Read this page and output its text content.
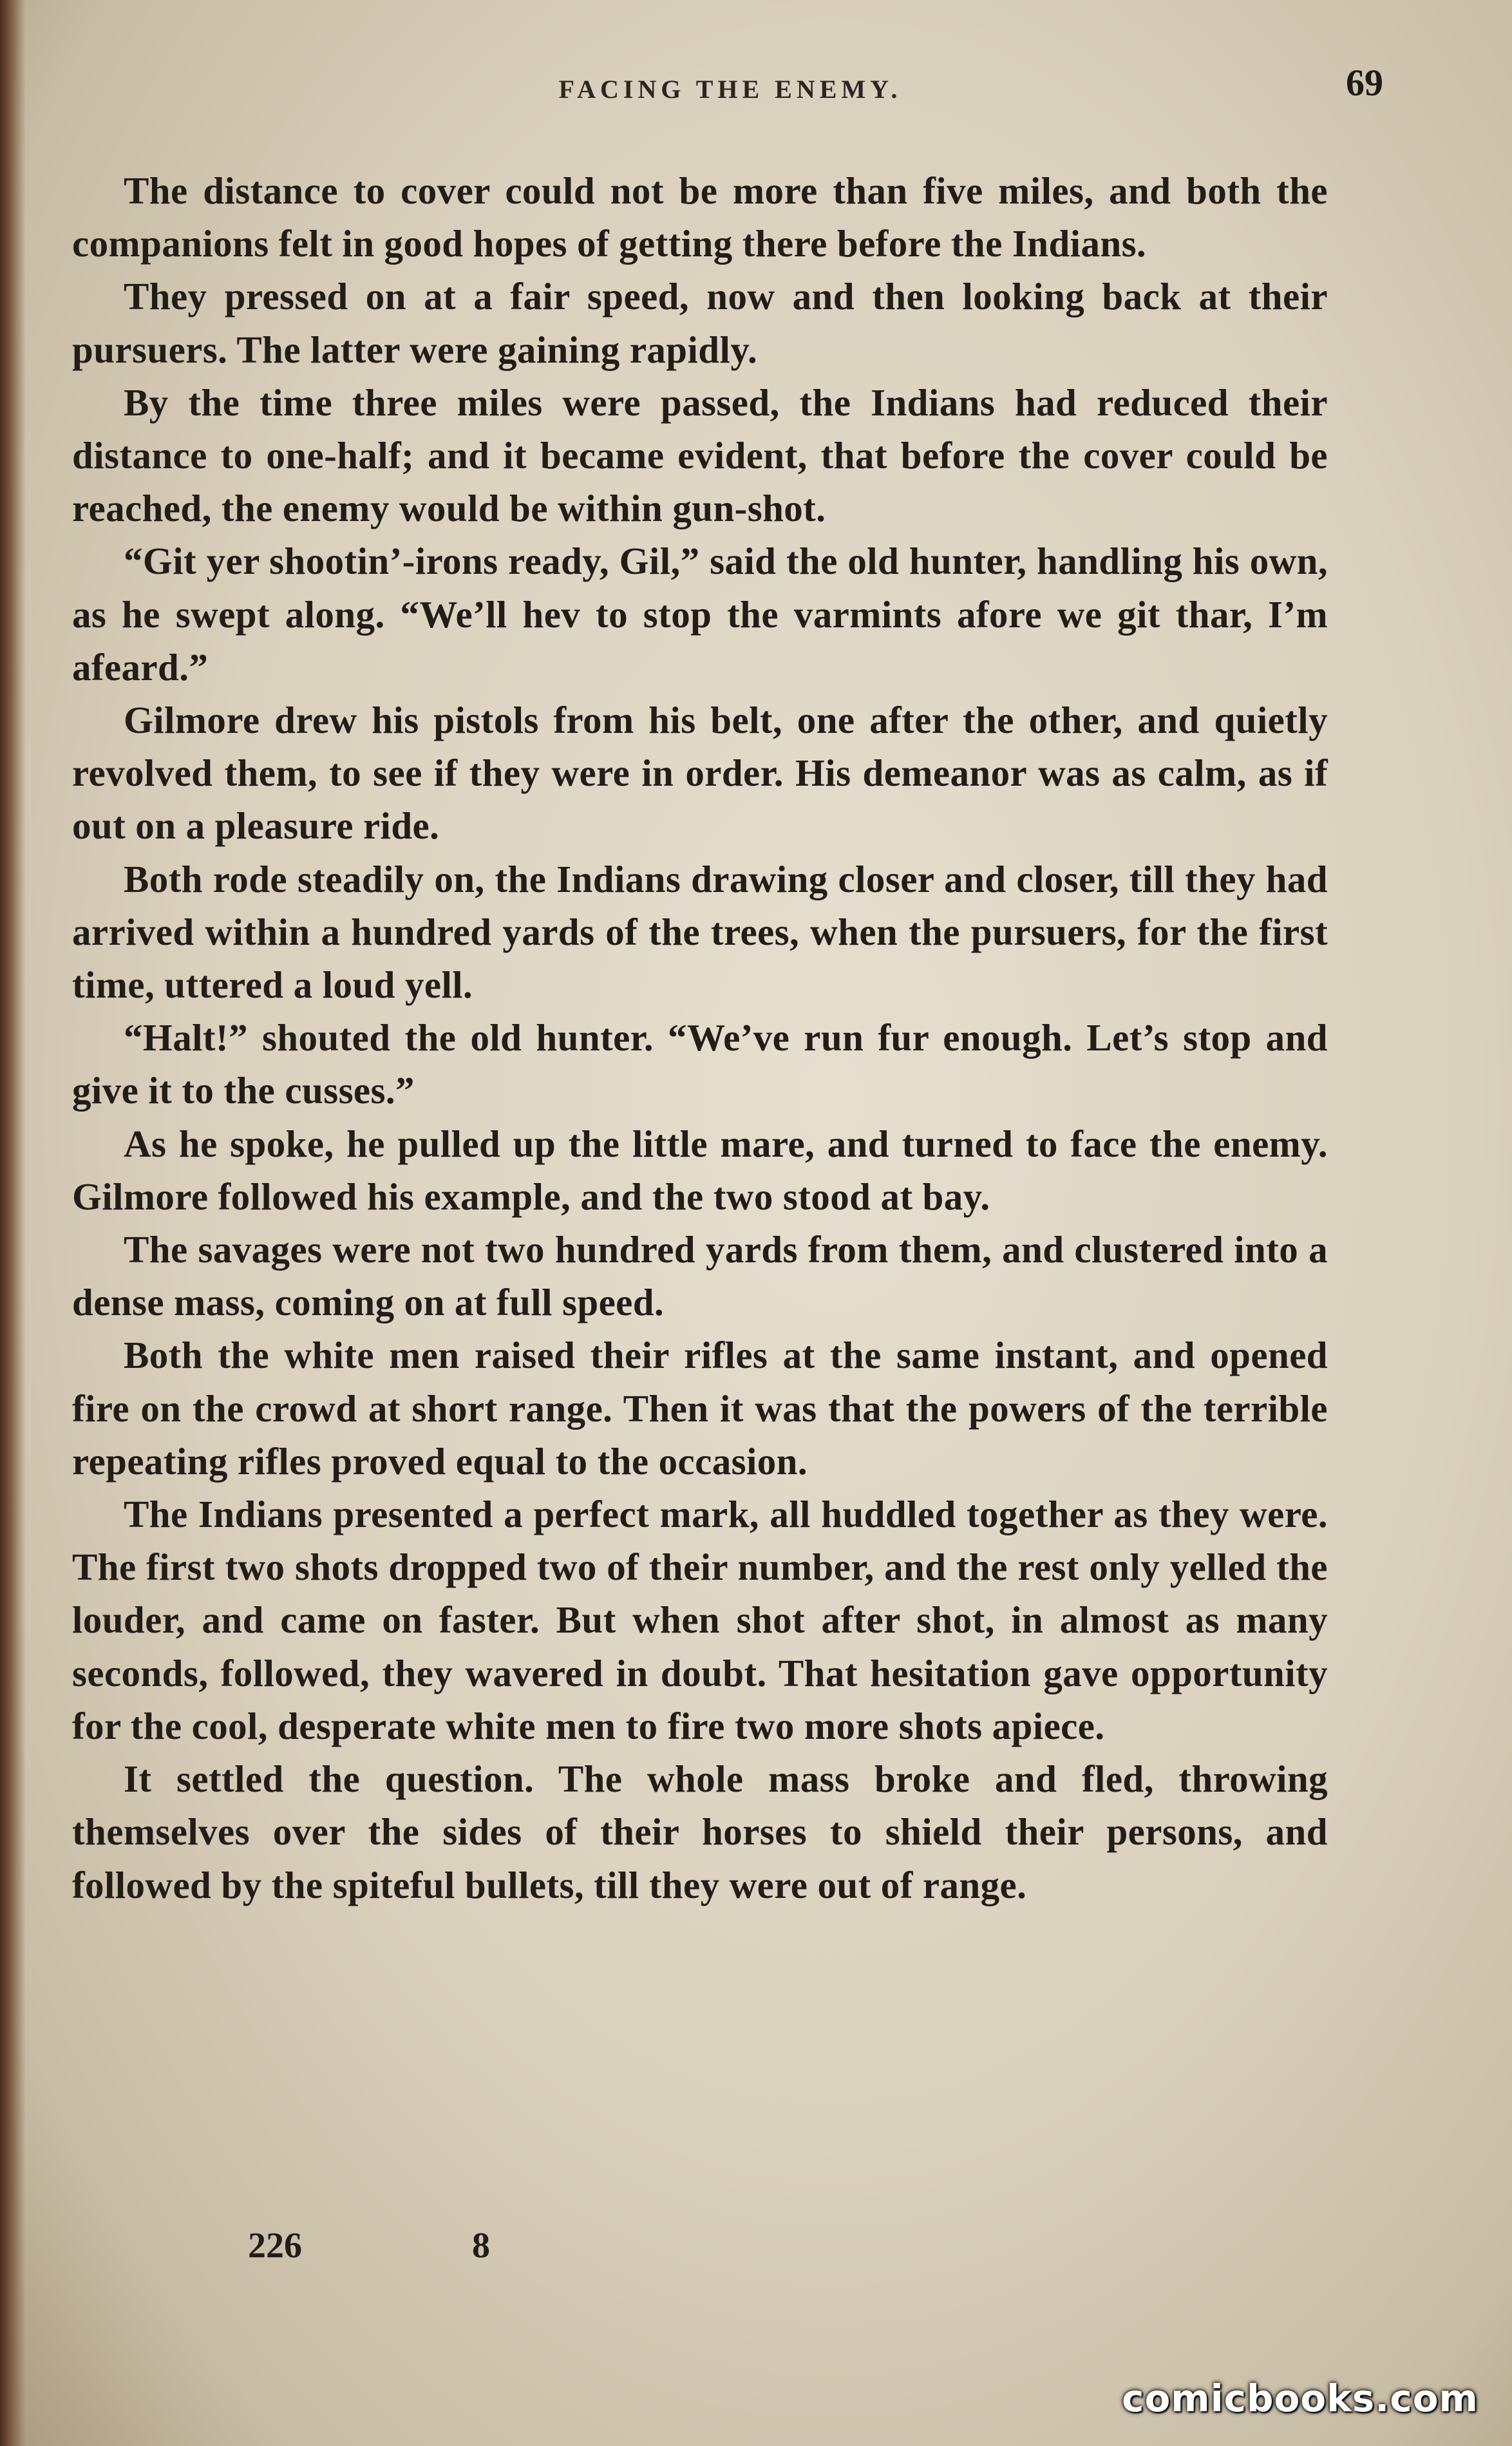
FACING THE ENEMY.	69

The distance to cover could not be more than five miles, and both the companions felt in good hopes of getting there before the Indians.

They pressed on at a fair speed, now and then looking back at their pursuers. The latter were gaining rapidly.

By the time three miles were passed, the Indians had reduced their distance to one-half; and it became evident, that before the cover could be reached, the enemy would be within gun-shot.

“Git yer shootin’-irons ready, Gil,” said the old hunter, handling his own, as he swept along. “We’ll hev to stop the varmints afore we git thar, I’m afeard.”

Gilmore drew his pistols from his belt, one after the other, and quietly revolved them, to see if they were in order. His demeanor was as calm, as if out on a pleasure ride.

Both rode steadily on, the Indians drawing closer and closer, till they had arrived within a hundred yards of the trees, when the pursuers, for the first time, uttered a loud yell.

“Halt!” shouted the old hunter. “We’ve run fur enough. Let’s stop and give it to the cusses.”

As he spoke, he pulled up the little mare, and turned to face the enemy. Gilmore followed his example, and the two stood at bay.

The savages were not two hundred yards from them, and clustered into a dense mass, coming on at full speed.

Both the white men raised their rifles at the same instant, and opened fire on the crowd at short range. Then it was that the powers of the terrible repeating rifles proved equal to the occasion.

The Indians presented a perfect mark, all huddled together as they were. The first two shots dropped two of their number, and the rest only yelled the louder, and came on faster. But when shot after shot, in almost as many seconds, followed, they wavered in doubt. That hesitation gave opportunity for the cool, desperate white men to fire two more shots apiece.

It settled the question. The whole mass broke and fled, throwing themselves over the sides of their horses to shield their persons, and followed by the spiteful bullets, till they were out of range.

226	8
comicbooks.com
